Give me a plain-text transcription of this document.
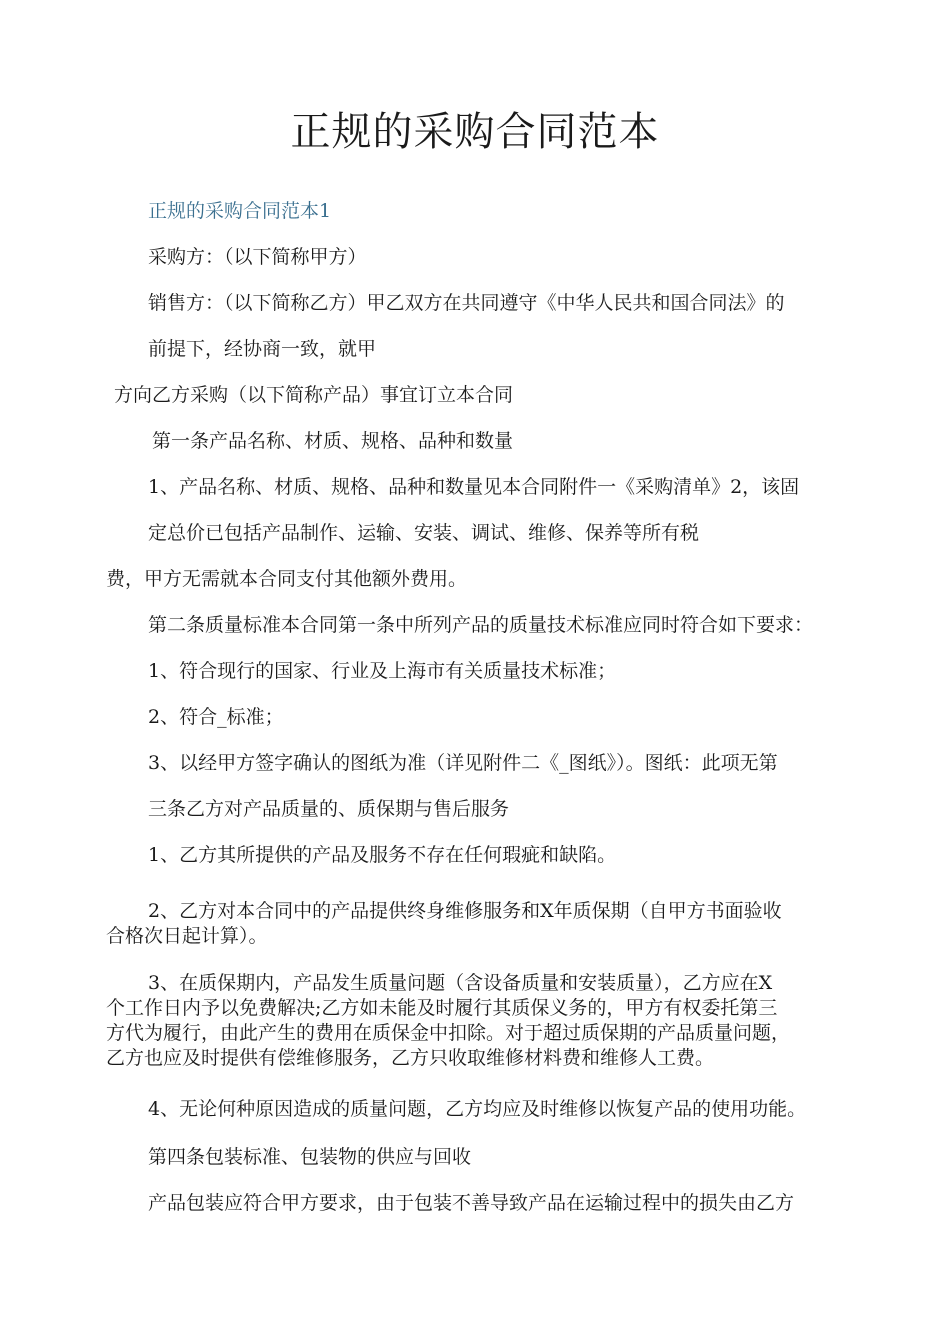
正规的采购合同范本
正规的采购合同范本1
采购方：（以下简称甲方）
销售方：（以下简称乙方）甲乙双方在共同遵守《中华人民共和国合同法》的
前提下，经协商一致，就甲
方向乙方采购（以下简称产品）事宜订立本合同
第一条产品名称、材质、规格、品种和数量
1、产品名称、材质、规格、品种和数量见本合同附件一《采购清单》2，该固
定总价已包括产品制作、运输、安装、调试、维修、保养等所有税
费，甲方无需就本合同支付其他额外费用。
第二条质量标准本合同第一条中所列产品的质量技术标准应同时符合如下要求：
1、符合现行的国家、行业及上海市有关质量技术标准；
2、符合_标准；
3、以经甲方签字确认的图纸为准（详见附件二《_图纸》）。图纸：此项无第
三条乙方对产品质量的、质保期与售后服务
1、乙方其所提供的产品及服务不存在任何瑕疵和缺陷。
2、乙方对本合同中的产品提供终身维修服务和X年质保期（自甲方书面验收
合格次日起计算）。
3、在质保期内，产品发生质量问题（含设备质量和安装质量），乙方应在X
个工作日内予以免费解决;乙方如未能及时履行其质保义务的，甲方有权委托第三
方代为履行，由此产生的费用在质保金中扣除。对于超过质保期的产品质量问题，
乙方也应及时提供有偿维修服务，乙方只收取维修材料费和维修人工费。
4、无论何种原因造成的质量问题，乙方均应及时维修以恢复产品的使用功能。
第四条包装标准、包装物的供应与回收
产品包装应符合甲方要求，由于包装不善导致产品在运输过程中的损失由乙方
